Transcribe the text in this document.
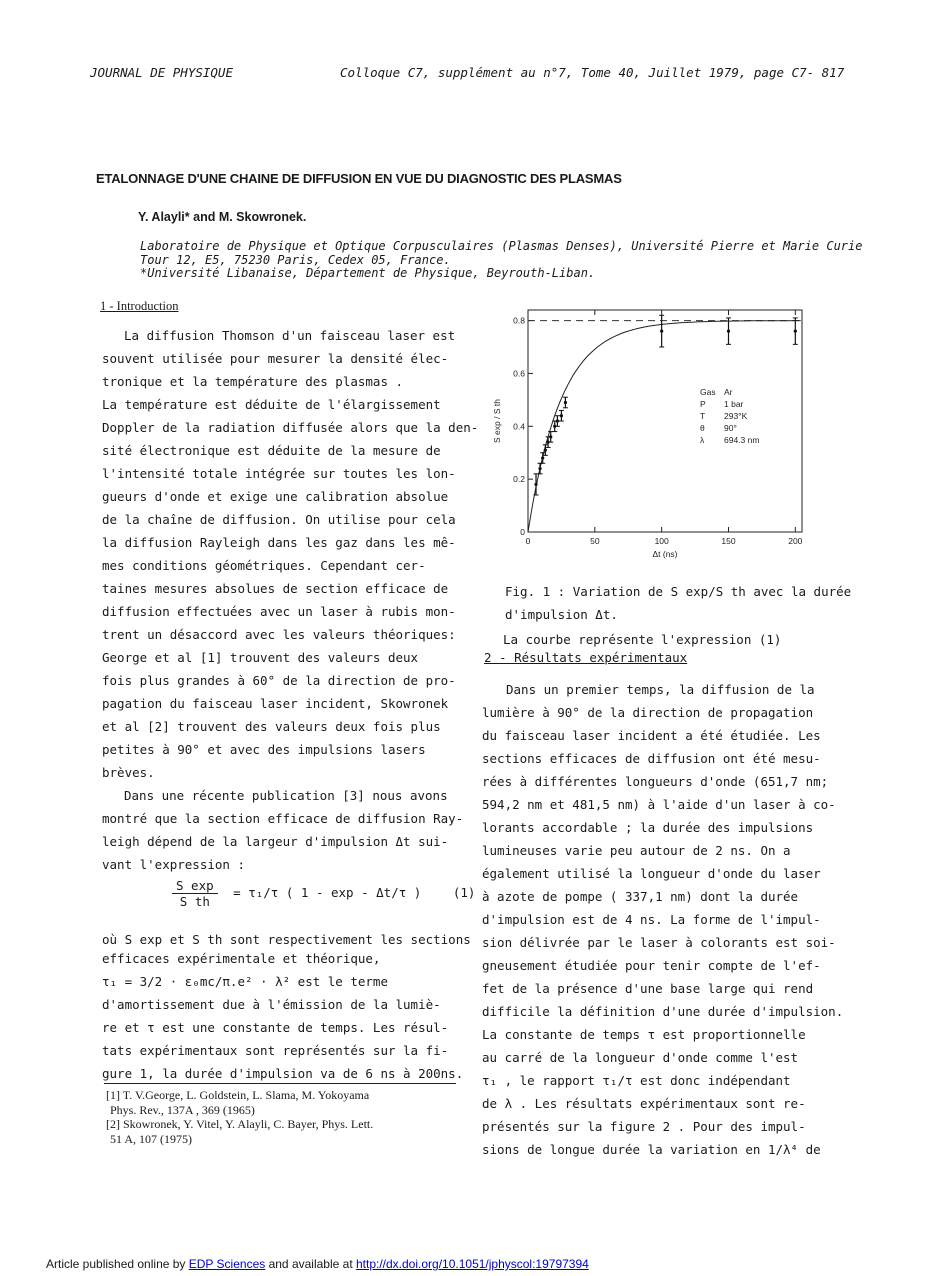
JOURNAL DE PHYSIQUE	Colloque C7, supplément au n°7, Tome 40, Juillet 1979, page C7- 817
ETALONNAGE D'UNE CHAINE DE DIFFUSION EN VUE DU DIAGNOSTIC DES PLASMAS
Y. Alayli* and M. Skowronek.
Laboratoire de Physique et Optique Corpusculaires (Plasmas Denses), Université Pierre et Marie Curie
Tour 12, E5, 75230 Paris, Cedex 05, France.
*Université Libanaise, Département de Physique, Beyrouth-Liban.
1 - Introduction

La diffusion Thomson d'un faisceau laser est

souvent utilisée pour mesurer la densité élec-

tronique et la température des plasmas .

La température est déduite de l'élargissement

Doppler de la radiation diffusée alors que la den-

sité électronique est déduite de la mesure de

l'intensité totale intégrée sur toutes les lon-

gueurs d'onde et exige une calibration absolue

de la chaîne de diffusion. On utilise pour cela

la diffusion Rayleigh dans les gaz dans les mê-

mes conditions géométriques. Cependant cer-

taines mesures absolues de section efficace de

diffusion effectuées avec un laser à rubis mon-

trent un désaccord avec les valeurs théoriques:

George et al [1] trouvent des valeurs deux

fois plus grandes à 60° de la direction de pro-

pagation du faisceau laser incident, Skowronek

et al [2] trouvent des valeurs deux fois plus

petites à 90° et avec des impulsions lasers

brèves.

Dans une récente publication [3] nous avons

montré que la section efficace de diffusion Ray-

leigh dépend de la largeur d'impulsion Δt sui-

vant l'expression :

$\frac{\text{S exp}}{\text{S th}} = \tau_1/\tau$ ( 1 - exp - Δt/τ )	(1)

où S exp et S th sont respectivement les sections

efficaces expérimentale et théorique,

τ₁ = 3/2 · ε₀mc/π.e² · λ² est le terme

d'amortissement due à l'émission de la lumiè-

re et τ est une constante de temps. Les résul-

tats expérimentaux sont représentés sur la fi-

gure 1, la durée d'impulsion va de 6 ns à 200ns.

[1] T. V.George, L. Goldstein, L. Slama, M. Yokoyama
Phys. Rev., 137A , 369 (1965)
[2] Skowronek, Y. Vitel, Y. Alayli, C. Bayer, Phys. Lett.
51 A, 107 (1975)
0	50	100	150	200
0
0.2
0.4
0.6
0.8
Δt (ns)
S exp / S th
Gas Ar
P 1 bar
T 293°K
θ 90°
λ 694.3 nm
Fig. 1 : Variation de S exp/S th avec la durée
d'impulsion Δt.
La courbe représente l'expression (1)
2 - Résultats expérimentaux

Dans un premier temps, la diffusion de la

lumière à 90° de la direction de propagation

du faisceau laser incident a été étudiée. Les

sections efficaces de diffusion ont été mesu-

rées à différentes longueurs d'onde (651,7 nm;

594,2 nm et 481,5 nm) à l'aide d'un laser à co-

lorants accordable ; la durée des impulsions

lumineuses varie peu autour de 2 ns. On a

également utilisé la longueur d'onde du laser

à azote de pompe ( 337,1 nm) dont la durée

d'impulsion est de 4 ns. La forme de l'impul-

sion délivrée par le laser à colorants est soi-

gneusement étudiée pour tenir compte de l'ef-

fet de la présence d'une base large qui rend

difficile la définition d'une durée d'impulsion.

La constante de temps τ est proportionnelle

au carré de la longueur d'onde comme l'est

τ₁ , le rapport τ₁/τ est donc indépendant

de λ . Les résultats expérimentaux sont re-

présentés sur la figure 2 . Pour des impul-

sions de longue durée la variation en 1/λ⁴ de

Article published online by EDP Sciences and available at http://dx.doi.org/10.1051/jphyscol:19797394
